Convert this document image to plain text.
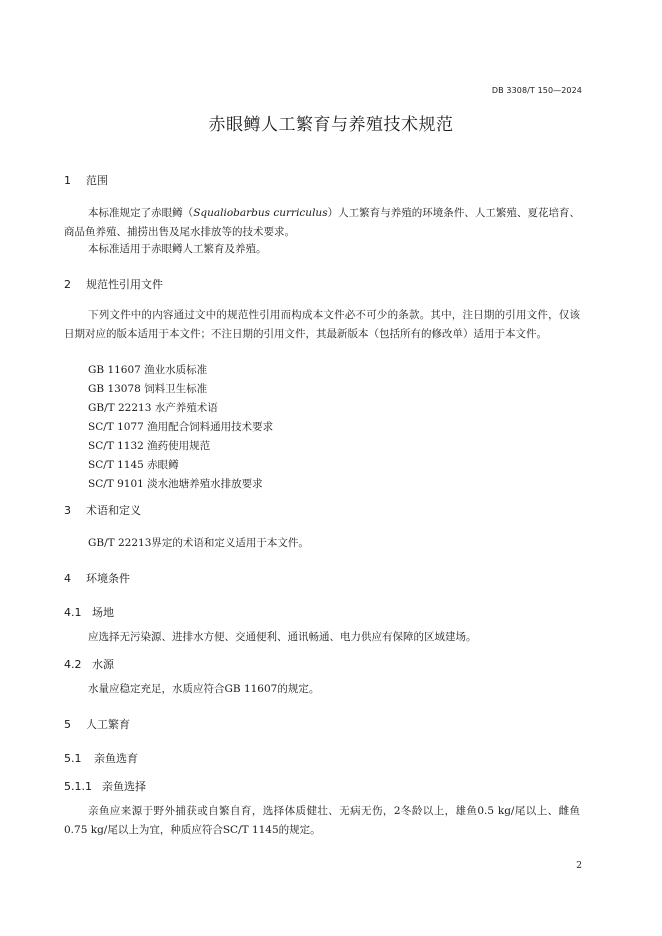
DB 3308/T 150—2024
赤眼鳟人工繁育与养殖技术规范
1 范围

本标准规定了赤眼鳟（Squaliobarbus curriculus）人工繁育与养殖的环境条件、人工繁殖、夏花培育、商品鱼养殖、捕捞出售及尾水排放等的技术要求。

本标准适用于赤眼鳟人工繁育及养殖。

2 规范性引用文件

下列文件中的内容通过文中的规范性引用而构成本文件必不可少的条款。其中，注日期的引用文件，仅该日期对应的版本适用于本文件；不注日期的引用文件，其最新版本（包括所有的修改单）适用于本文件。

GB 11607 渔业水质标准
GB 13078 饲料卫生标准
GB/T 22213 水产养殖术语
SC/T 1077 渔用配合饲料通用技术要求
SC/T 1132 渔药使用规范
SC/T 1145 赤眼鳟
SC/T 9101 淡水池塘养殖水排放要求
3 术语和定义

GB/T 22213界定的术语和定义适用于本文件。

4 环境条件
4.1 场地

应选择无污染源、进排水方便、交通便利、通讯畅通、电力供应有保障的区域建场。

4.2 水源

水量应稳定充足，水质应符合GB 11607的规定。

5 人工繁育
5.1 亲鱼选育
5.1.1 亲鱼选择

亲鱼应来源于野外捕获或自繁自育，选择体质健壮、无病无伤，2冬龄以上，雄鱼0.5 kg/尾以上、雌鱼0.75 kg/尾以上为宜，种质应符合SC/T 1145的规定。

2
